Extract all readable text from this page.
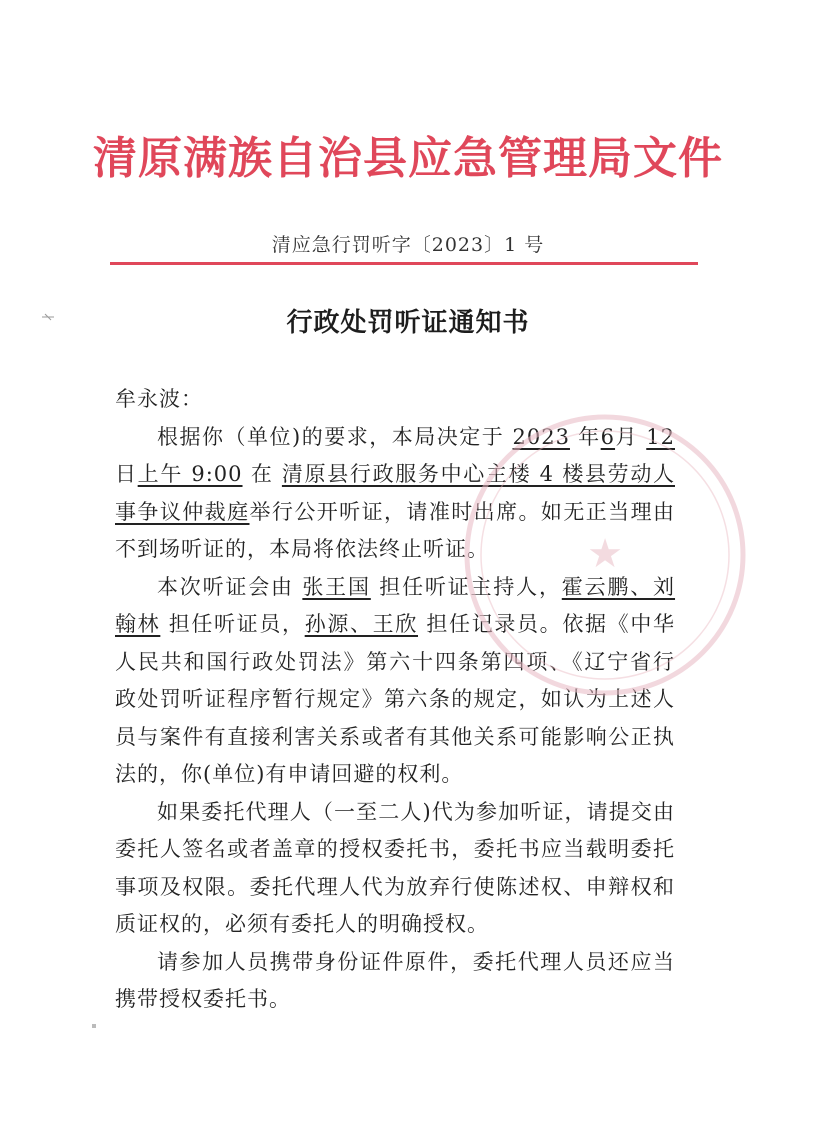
清原满族自治县应急管理局文件
清应急行罚听字〔2023〕1 号
行政处罚听证通知书

牟永波：

根据你（单位)的要求，本局决定于 2023 年6月 12日上午 9:00 在 清原县行政服务中心主楼 4 楼县劳动人事争议仲裁庭举行公开听证，请准时出席。如无正当理由不到场听证的，本局将依法终止听证。

本次听证会由 张王国 担任听证主持人，霍云鹏、刘翰林 担任听证员，孙源、王欣 担任记录员。依据《中华人民共和国行政处罚法》第六十四条第四项、《辽宁省行政处罚听证程序暂行规定》第六条的规定，如认为上述人员与案件有直接利害关系或者有其他关系可能影响公正执法的，你(单位)有申请回避的权利。

如果委托代理人（一至二人)代为参加听证，请提交由委托人签名或者盖章的授权委托书，委托书应当载明委托事项及权限。委托代理人代为放弃行使陈述权、申辩权和质证权的，必须有委托人的明确授权。

请参加人员携带身份证件原件，委托代理人员还应当携带授权委托书。

★
